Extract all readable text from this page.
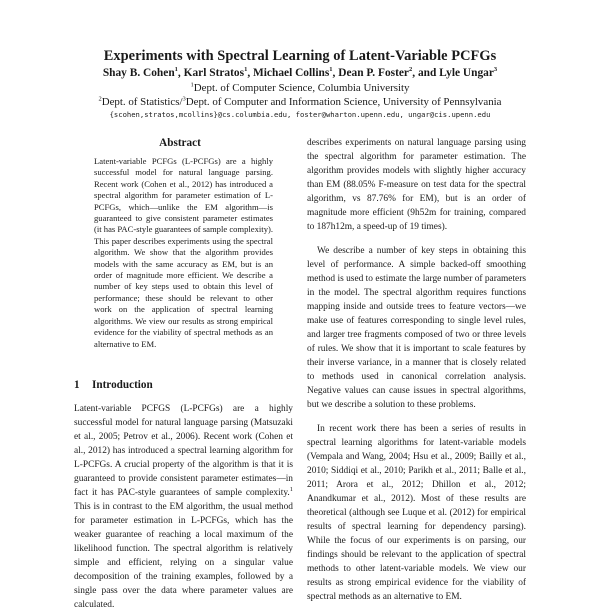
Experiments with Spectral Learning of Latent-Variable PCFGs
Shay B. Cohen$^1$, Karl Stratos$^1$, Michael Collins$^1$, Dean P. Foster$^2$, and Lyle Ungar$^3$
$^1$Dept. of Computer Science, Columbia University
$^2$Dept. of Statistics/$^3$Dept. of Computer and Information Science, University of Pennsylvania
{scohen,stratos,mcollins}@cs.columbia.edu, foster@wharton.upenn.edu, ungar@cis.upenn.edu
Abstract

Latent-variable PCFGs (L-PCFGs) are a highly successful model for natural language parsing. Recent work (Cohen et al., 2012) has introduced a spectral algorithm for parameter estimation of L-PCFGs, which—unlike the EM algorithm—is guaranteed to give consistent parameter estimates (it has PAC-style guarantees of sample complexity). This paper describes experiments using the spectral algorithm. We show that the algorithm provides models with the same accuracy as EM, but is an order of magnitude more efficient. We describe a number of key steps used to obtain this level of performance; these should be relevant to other work on the application of spectral learning algorithms. We view our results as strong empirical evidence for the viability of spectral methods as an alternative to EM.

1 Introduction

Latent-variable PCFGS (L-PCFGs) are a highly successful model for natural language parsing (Matsuzaki et al., 2005; Petrov et al., 2006). Recent work (Cohen et al., 2012) has introduced a spectral learning algorithm for L-PCFGs. A crucial property of the algorithm is that it is guaranteed to provide consistent parameter estimates—in fact it has PAC-style guarantees of sample complexity.$^1$ This is in contrast to the EM algorithm, the usual method for parameter estimation in L-PCFGs, which has the weaker guarantee of reaching a local maximum of the likelihood function. The spectral algorithm is relatively simple and efficient, relying on a singular value decomposition of the training examples, followed by a single pass over the data where parameter values are calculated.

describes experiments on natural language parsing using the spectral algorithm for parameter estimation. The algorithm provides models with slightly higher accuracy than EM (88.05% F-measure on test data for the spectral algorithm, vs 87.76% for EM), but is an order of magnitude more efficient (9h52m for training, compared to 187h12m, a speed-up of 19 times).

We describe a number of key steps in obtaining this level of performance. A simple backed-off smoothing method is used to estimate the large number of parameters in the model. The spectral algorithm requires functions mapping inside and outside trees to feature vectors—we make use of features corresponding to single level rules, and larger tree fragments composed of two or three levels of rules. We show that it is important to scale features by their inverse variance, in a manner that is closely related to methods used in canonical correlation analysis. Negative values can cause issues in spectral algorithms, but we describe a solution to these problems.

In recent work there has been a series of results in spectral learning algorithms for latent-variable models (Vempala and Wang, 2004; Hsu et al., 2009; Bailly et al., 2010; Siddiqi et al., 2010; Parikh et al., 2011; Balle et al., 2011; Arora et al., 2012; Dhillon et al., 2012; Anandkumar et al., 2012). Most of these results are theoretical (although see Luque et al. (2012) for empirical results of spectral learning for dependency parsing). While the focus of our experiments is on parsing, our findings should be relevant to the application of spectral methods to other latent-variable models. We view our results as strong empirical evidence for the viability of spectral methods as an alternative to EM.
